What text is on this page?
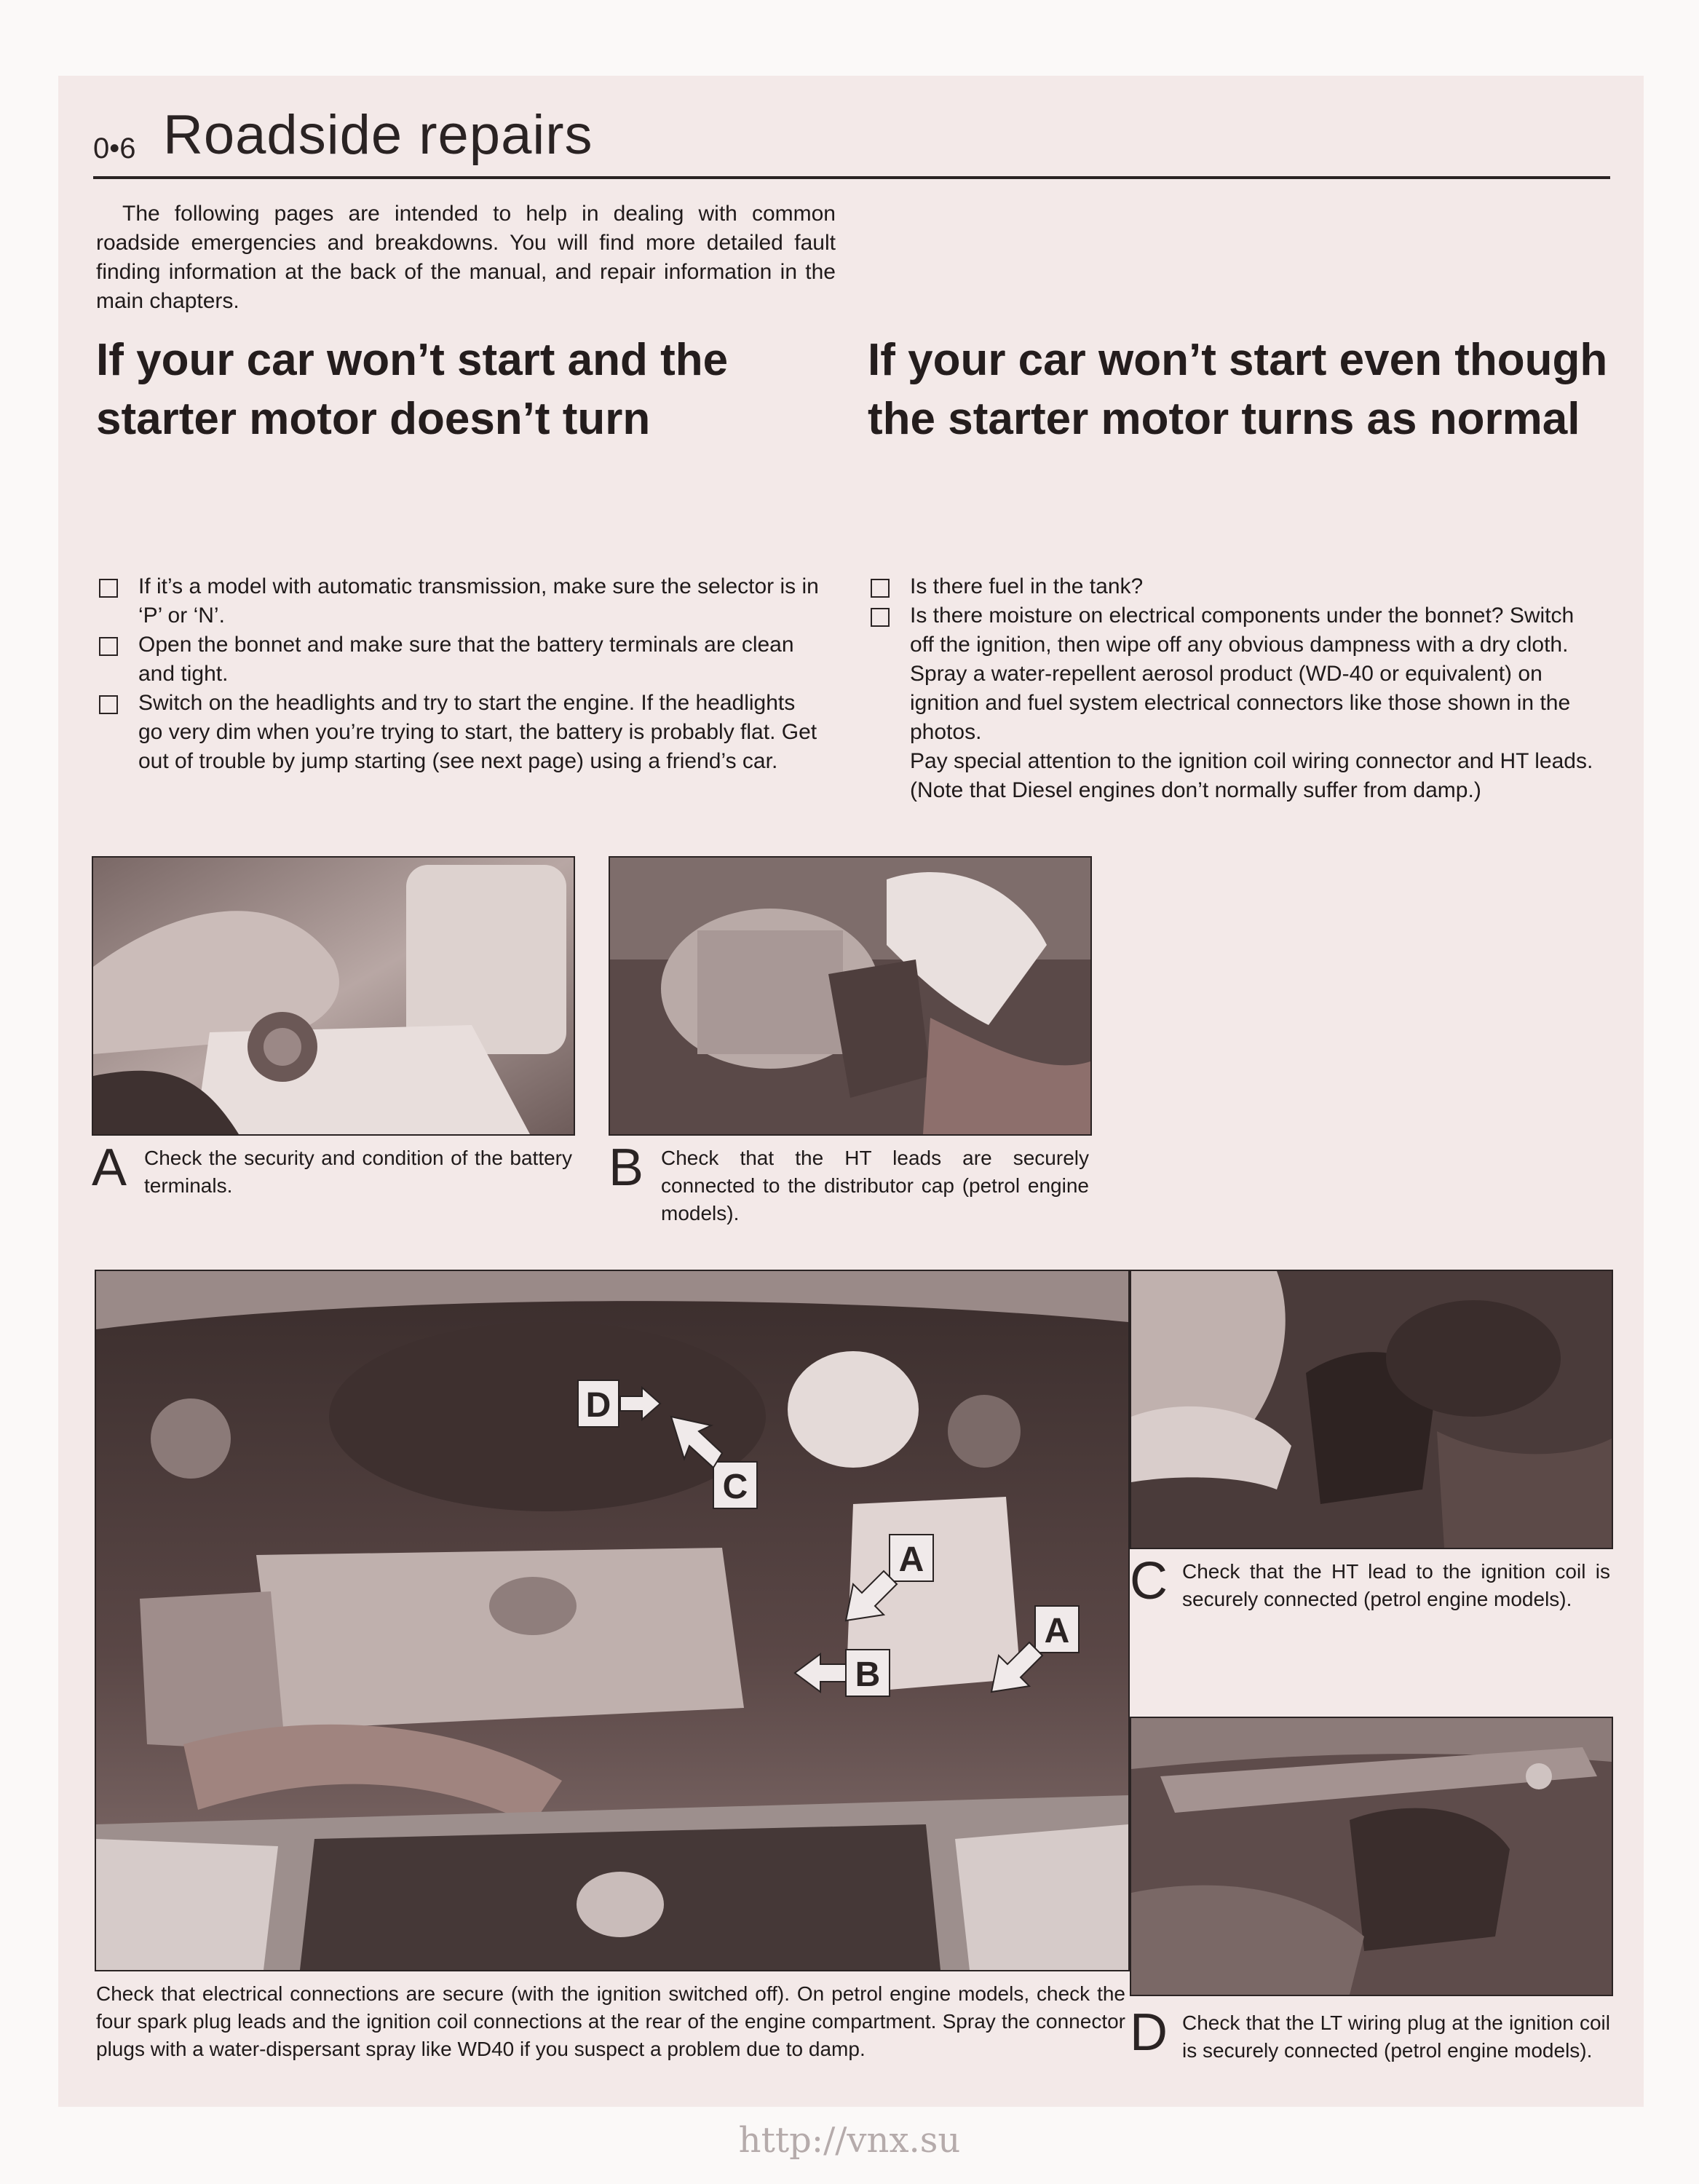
0•6 Roadside repairs

The following pages are intended to help in dealing with common roadside emergencies and breakdowns. You will find more detailed fault finding information at the back of the manual, and repair information in the main chapters.

If your car won’t start and the starter motor doesn’t turn
If your car won’t start even though the starter motor turns as normal
If it’s a model with automatic transmission, make sure the selector is in ‘P’ or ‘N’.
Open the bonnet and make sure that the battery terminals are clean and tight.
Switch on the headlights and try to start the engine. If the headlights go very dim when you’re trying to start, the battery is probably flat. Get out of trouble by jump starting (see next page) using a friend’s car.
Is there fuel in the tank?
Is there moisture on electrical components under the bonnet? Switch off the ignition, then wipe off any obvious dampness with a dry cloth. Spray a water-repellent aerosol product (WD-40 or equivalent) on ignition and fuel system electrical connectors like those shown in the photos.
Pay special attention to the ignition coil wiring connector and HT leads. (Note that Diesel engines don’t normally suffer from damp.)
A Check the security and condition of the battery terminals.	B Check that the HT leads are securely connected to the distributor cap (petrol engine models).
D
C
A
A
B

Check that electrical connections are secure (with the ignition switched off). On petrol engine models, check the four spark plug leads and the ignition coil connections at the rear of the engine compartment. Spray the connector plugs with a water-dispersant spray like WD40 if you suspect a problem due to damp.

C Check that the HT lead to the ignition coil is securely connected (petrol engine models).
D Check that the LT wiring plug at the ignition coil is securely connected (petrol engine models).
http://vnx.su
